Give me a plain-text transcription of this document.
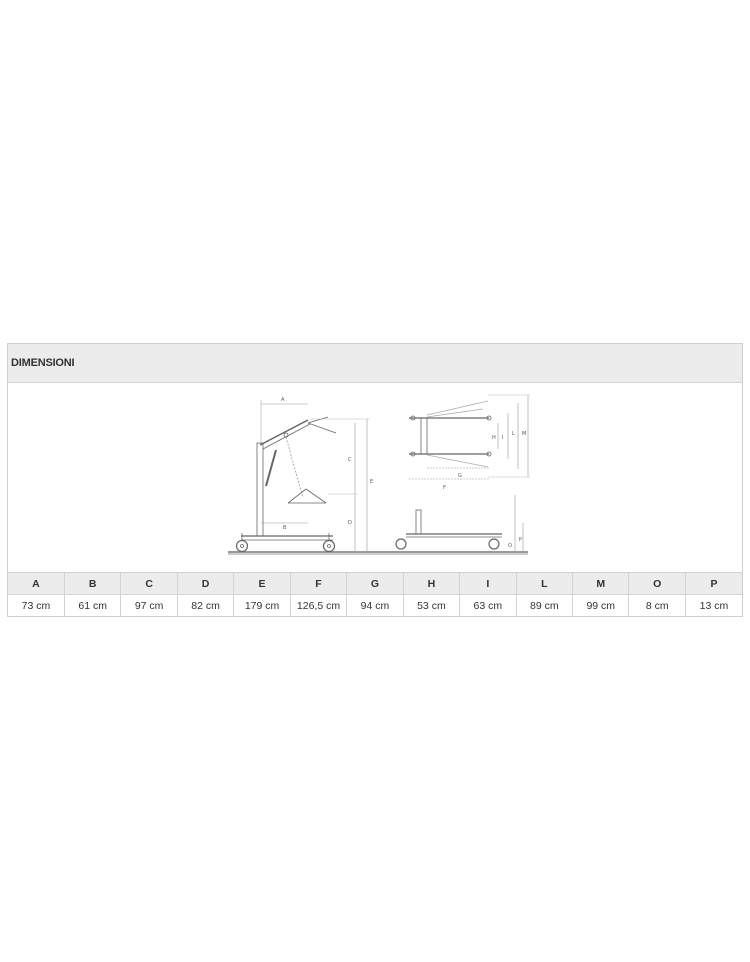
DIMENSIONI
A
B
C
D
E
F
G
H I
L M
O
P
A	B	C	D	E	F	G	H	I	L	M	O	P
73 cm	61 cm	97 cm	82 cm	179 cm	126,5 cm	94 cm	53 cm	63 cm	89 cm	99 cm	8 cm	13 cm
